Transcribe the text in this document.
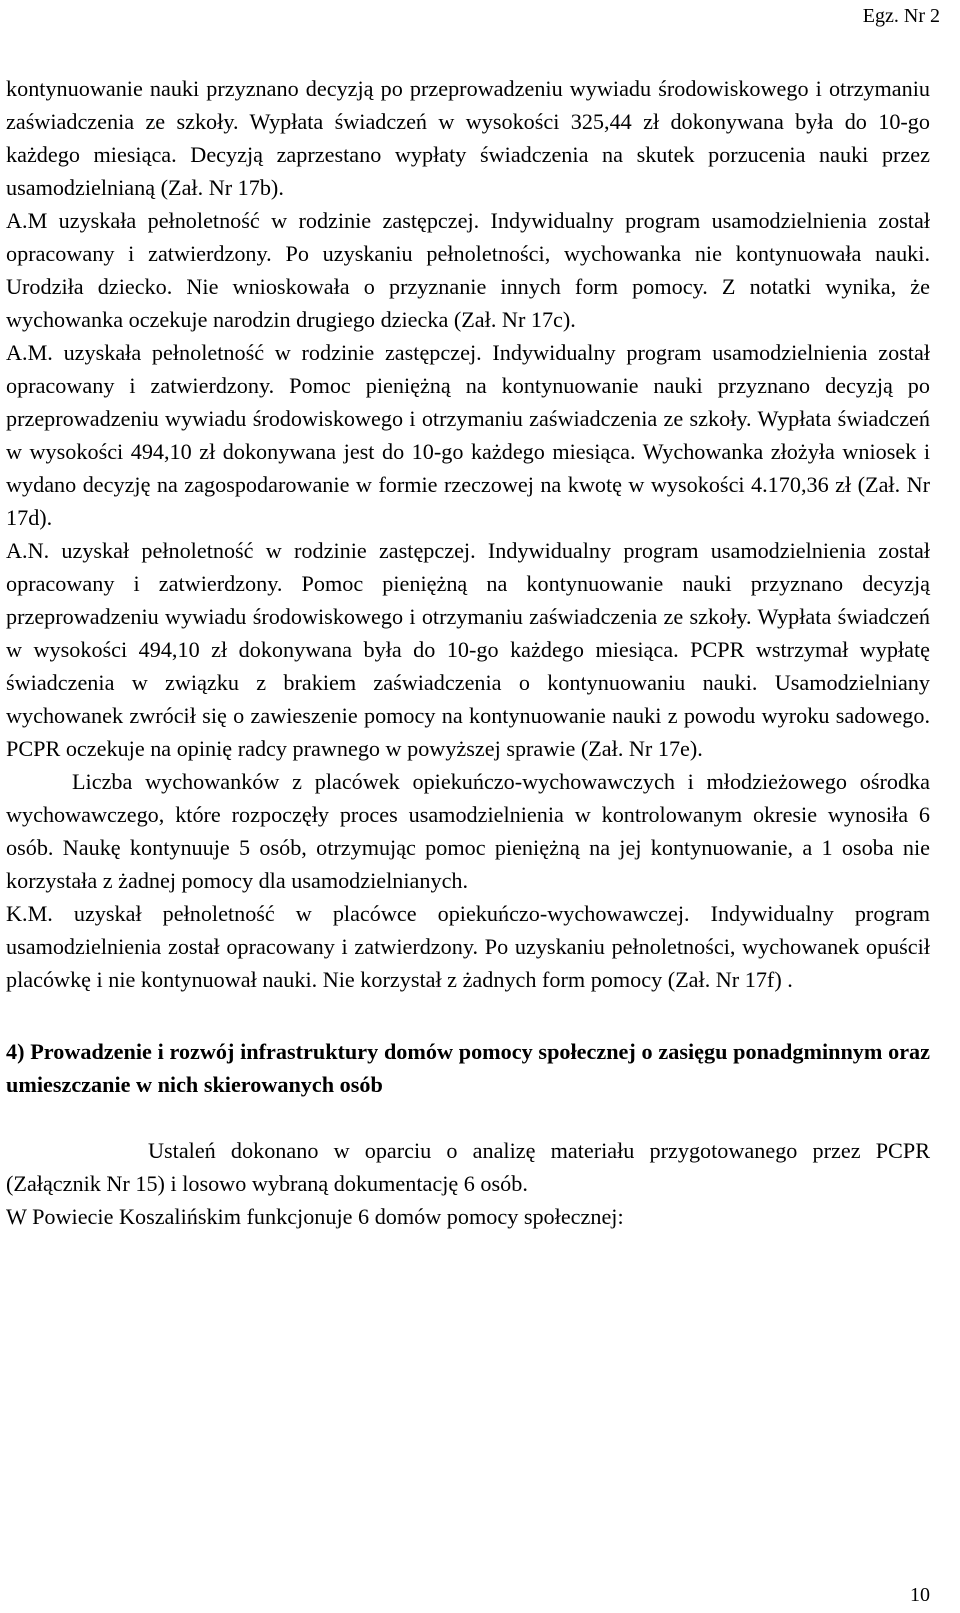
Egz. Nr 2

kontynuowanie nauki przyznano decyzją po przeprowadzeniu wywiadu środowiskowego i otrzymaniu zaświadczenia ze szkoły. Wypłata świadczeń w wysokości 325,44 zł dokonywana była do 10-go każdego miesiąca. Decyzją zaprzestano wypłaty świadczenia na skutek porzucenia nauki przez usamodzielnianą (Zał. Nr 17b).

A.M uzyskała pełnoletność w rodzinie zastępczej. Indywidualny program usamodzielnienia został opracowany i zatwierdzony. Po uzyskaniu pełnoletności, wychowanka nie kontynuowała nauki. Urodziła dziecko. Nie wnioskowała o przyznanie innych form pomocy. Z notatki wynika, że wychowanka oczekuje narodzin drugiego dziecka (Zał. Nr 17c).

A.M. uzyskała pełnoletność w rodzinie zastępczej. Indywidualny program usamodzielnienia został opracowany i zatwierdzony. Pomoc pieniężną na kontynuowanie nauki przyznano decyzją po przeprowadzeniu wywiadu środowiskowego i otrzymaniu zaświadczenia ze szkoły. Wypłata świadczeń w wysokości 494,10 zł dokonywana jest do 10-go każdego miesiąca. Wychowanka złożyła wniosek i wydano decyzję na zagospodarowanie w formie rzeczowej na kwotę w wysokości 4.170,36 zł (Zał. Nr 17d).

A.N. uzyskał pełnoletność w rodzinie zastępczej. Indywidualny program usamodzielnienia został opracowany i zatwierdzony. Pomoc pieniężną na kontynuowanie nauki przyznano decyzją przeprowadzeniu wywiadu środowiskowego i otrzymaniu zaświadczenia ze szkoły. Wypłata świadczeń w wysokości 494,10 zł dokonywana była do 10-go każdego miesiąca. PCPR wstrzymał wypłatę świadczenia w związku z brakiem zaświadczenia o kontynuowaniu nauki. Usamodzielniany wychowanek zwrócił się o zawieszenie pomocy na kontynuowanie nauki z powodu wyroku sadowego. PCPR oczekuje na opinię radcy prawnego w powyższej sprawie (Zał. Nr 17e).

Liczba wychowanków z placówek opiekuńczo-wychowawczych i młodzieżowego ośrodka wychowawczego, które rozpoczęły proces usamodzielnienia w kontrolowanym okresie wynosiła 6 osób. Naukę kontynuuje 5 osób, otrzymując pomoc pieniężną na jej kontynuowanie, a 1 osoba nie korzystała z żadnej pomocy dla usamodzielnianych.

K.M. uzyskał pełnoletność w placówce opiekuńczo-wychowawczej. Indywidualny program usamodzielnienia został opracowany i zatwierdzony. Po uzyskaniu pełnoletności, wychowanek opuścił placówkę i nie kontynuował nauki. Nie korzystał z żadnych form pomocy (Zał. Nr 17f) .

4) Prowadzenie i rozwój infrastruktury domów pomocy społecznej o zasięgu ponadgminnym oraz umieszczanie w nich skierowanych osób

Ustaleń dokonano w oparciu o analizę materiału przygotowanego przez PCPR (Załącznik Nr 15) i losowo wybraną dokumentację 6 osób.

W Powiecie Koszalińskim funkcjonuje 6 domów pomocy społecznej:

10
